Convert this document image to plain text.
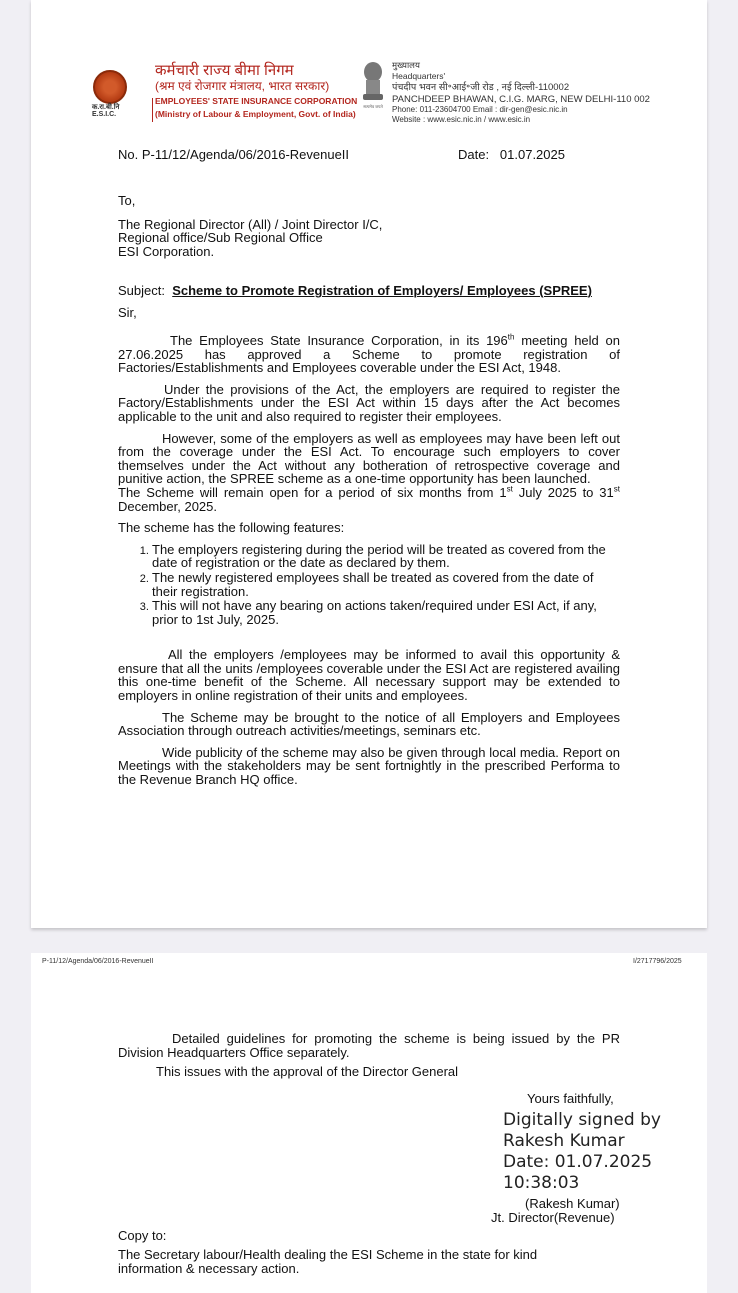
क.रा.बी.नि
E.S.I.C.
कर्मचारी राज्य बीमा निगम
(श्रम एवं रोजगार मंत्रालय, भारत सरकार)
EMPLOYEES' STATE INSURANCE CORPORATION
(Ministry of Labour & Employment, Govt. of India)
सत्यमेव जयते
मुख्यालय
Headquarters'
पंचदीप भवन सी॰आई॰जी रोड , नई दिल्ली-110002
PANCHDEEP BHAWAN, C.I.G. MARG, NEW DELHI-110 002
Phone: 011-23604700 Email : dir-gen@esic.nic.in
Website : www.esic.nic.in / www.esic.in
No. P-11/12/Agenda/06/2016-RevenueII	Date:   01.07.2025
To,
The Regional Director (All) / Joint Director I/C,
Regional office/Sub Regional Office
ESI Corporation.
Subject: Scheme to Promote Registration of Employers/ Employees (SPREE)
Sir,

The Employees State Insurance Corporation, in its 196th meeting held on 27.06.2025 has approved a Scheme to promote registration of Factories/Establishments and Employees coverable under the ESI Act, 1948.

Under the provisions of the Act, the employers are required to register the Factory/Establishments under the ESI Act within 15 days after the Act becomes applicable to the unit and also required to register their employees.

However, some of the employers as well as employees may have been left out from the coverage under the ESI Act. To encourage such employers to cover themselves under the Act without any botheration of retrospective coverage and punitive action, the SPREE scheme as a one-time opportunity has been launched.

The Scheme will remain open for a period of six months from 1st July 2025 to 31st December, 2025.

The scheme has the following features:

1. The employers registering during the period will be treated as covered from the date of registration or the date as declared by them.
2. The newly registered employees shall be treated as covered from the date of their registration.
3. This will not have any bearing on actions taken/required under ESI Act, if any, prior to 1st July, 2025.

All the employers /employees may be informed to avail this opportunity & ensure that all the units /employees coverable under the ESI Act are registered availing this one-time benefit of the Scheme. All necessary support may be extended to employers in online registration of their units and employees.

The Scheme may be brought to the notice of all Employers and Employees Association through outreach activities/meetings, seminars etc.

Wide publicity of the scheme may also be given through local media. Report on Meetings with the stakeholders may be sent fortnightly in the prescribed Performa to the Revenue Branch HQ office.

P-11/12/Agenda/06/2016-RevenueII	I/2717796/2025

Detailed guidelines for promoting the scheme is being issued by the PR Division Headquarters Office separately.

This issues with the approval of the Director General

Yours faithfully,
Digitally signed by
Rakesh Kumar
Date: 01.07.2025
10:38:03
(Rakesh Kumar)
Jt. Director(Revenue)
Copy to:
The Secretary labour/Health dealing the ESI Scheme in the state for kind information & necessary action.
